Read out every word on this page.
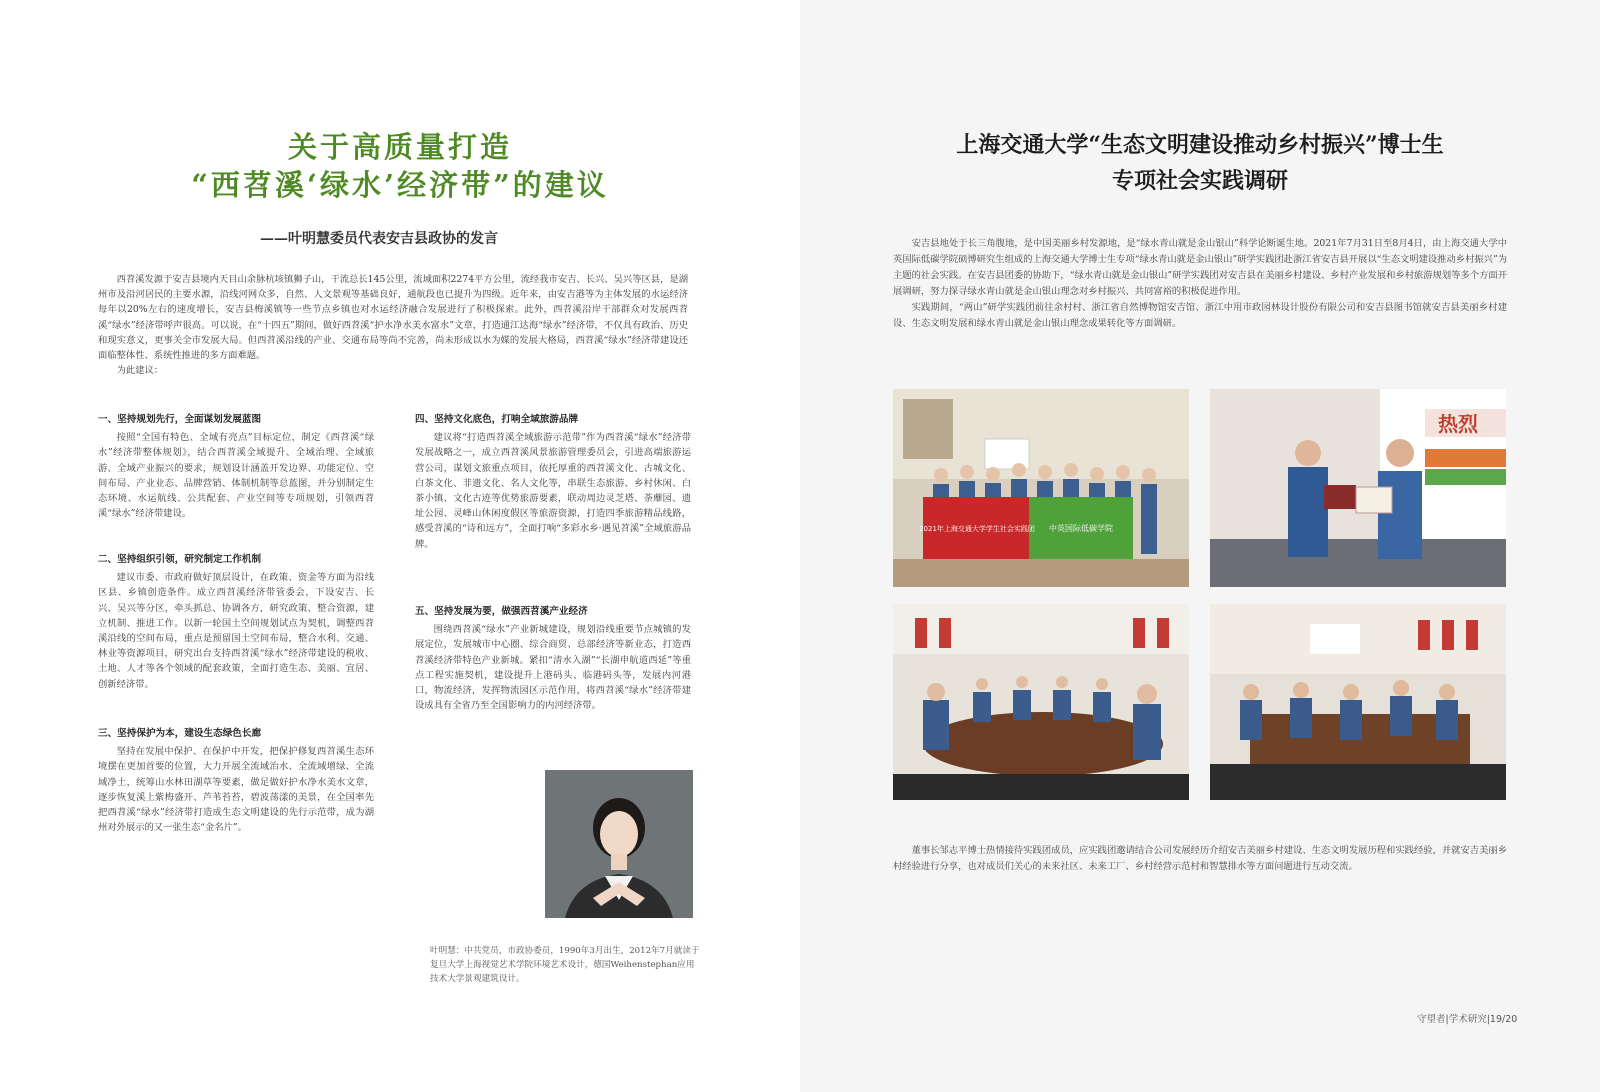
关于高质量打造
“西苕溪‘绿水’经济带”的建议
——叶明慧委员代表安吉县政协的发言

西苕溪发源于安吉县境内天目山余脉杭垓镇狮子山，干流总长145公里，流域面积2274平方公里，流经我市安吉、长兴、吴兴等区县，是湖州市及沿河居民的主要水源，沿线河网众多，自然、人文景观等基础良好，通航段也已提升为四级。近年来，由安吉港等为主体发展的水运经济每年以20%左右的速度增长，安吉县梅溪镇等一些节点乡镇也对水运经济融合发展进行了积极探索。此外，西苕溪沿岸干部群众对发展西苕溪“绿水”经济带呼声很高。可以说，在“十四五”期间，做好西苕溪“护水净水美水富水”文章，打造通江达海“绿水”经济带，不仅具有政治、历史和现实意义，更事关全市发展大局。但西苕溪沿线的产业、交通布局等尚不完善，尚未形成以水为媒的发展大格局，西苕溪“绿水”经济带建设还面临整体性、系统性推进的多方面难题。

为此建议：

一、坚持规划先行，全面谋划发展蓝图

按照“全国有特色、全域有亮点”目标定位，制定《西苕溪“绿水”经济带整体规划》，结合西苕溪全域提升、全域治理、全域旅游、全域产业振兴的要求，规划设计涵盖开发边界、功能定位、空间布局、产业业态、品牌营销、体制机制等总蓝图，并分别制定生态环境、水运航线、公共配套、产业空间等专项规划，引领西苕溪“绿水”经济带建设。

二、坚持组织引领，研究制定工作机制

建议市委、市政府做好顶层设计，在政策、资金等方面为沿线区县、乡镇创造条件。成立西苕溪经济带管委会，下设安吉、长兴、吴兴等分区，牵头抓总、协调各方，研究政策、整合资源，建立机制、推进工作。以新一轮国土空间规划试点为契机，调整西苕溪沿线的空间布局，重点是预留国土空间布局，整合水利、交通、林业等资源项目，研究出台支持西苕溪“绿水”经济带建设的税收、土地、人才等各个领域的配套政策，全面打造生态、美丽、宜居、创新经济带。

三、坚持保护为本，建设生态绿色长廊

坚持在发展中保护、在保护中开发，把保护修复西苕溪生态环境摆在更加首要的位置，大力开展全流域治水、全流域增绿、全流域净土，统筹山水林田湖草等要素，做足做好护水净水美水文章，逐步恢复溪上紫梅盛开、芦苇苔苔，碧波荡漾的美景，在全国率先把西苕溪“绿水”经济带打造成生态文明建设的先行示范带，成为湖州对外展示的又一张生态“金名片”。

四、坚持文化底色，打响全域旅游品牌

建议将“打造西苕溪全域旅游示范带”作为西苕溪“绿水”经济带发展战略之一，成立西苕溪风景旅游管理委员会，引进高端旅游运营公司，谋划文旅重点项目，依托厚重的西苕溪文化、古城文化、白茶文化、非遗文化、名人文化等，串联生态旅游、乡村休闲、白茶小镇、文化古迹等优势旅游要素，联动周边灵芝塔、荼蘼园、遗址公园、灵峰山休闲度假区等旅游资源，打造四季旅游精品线路，感受苕溪的“诗和远方”，全面打响“多彩水乡·遇见苕溪”全域旅游品牌。

五、坚持发展为要，做强西苕溪产业经济

围绕西苕溪“绿水”产业新城建设，规划沿线重要节点城镇的发展定位，发展城市中心圈、综合商贸、总部经济等新业态，打造西苕溪经济带特色产业新城。紧扣“清水入湖”“长湖申航道西延”等重点工程实施契机，建设提升上港码头、临港码头等，发展内河港口，物流经济，发挥物流园区示范作用，将西苕溪“绿水”经济带建设成具有全省乃至全国影响力的内河经济带。

叶明慧：中共党员，市政协委员，1990年3月出生，2012年7月就读于复旦大学上海视觉艺术学院环境艺术设计，德国Weihenstephan应用技术大学景观建筑设计。
上海交通大学“生态文明建设推动乡村振兴”博士生
专项社会实践调研

安吉县地处于长三角腹地，是中国美丽乡村发源地，是“绿水青山就是金山银山”科学论断诞生地。2021年7月31日至8月4日，由上海交通大学中英国际低碳学院硕博研究生组成的上海交通大学博士生专项“绿水青山就是金山银山”研学实践团赴浙江省安吉县开展以“生态文明建设推动乡村振兴”为主题的社会实践。在安吉县团委的协助下，“绿水青山就是金山银山”研学实践团对安吉县在美丽乡村建设、乡村产业发展和乡村旅游规划等多个方面开展调研，努力探寻绿水青山就是金山银山理念对乡村振兴、共同富裕的积极促进作用。

实践期间，“两山”研学实践团前往余村村、浙江省自然博物馆安吉馆、浙江中用市政园林设计股份有限公司和安吉县图书馆就安吉县美丽乡村建设、生态文明发展和绿水青山就是金山银山理念成果转化等方面调研。

2021年上海交通大学学生社会实践团 中英国际低碳学院
热烈

董事长邹志平博士热情接待实践团成员，应实践团邀请结合公司发展经历介绍安吉美丽乡村建设、生态文明发展历程和实践经验，并就安吉美丽乡村经验进行分享，也对成员们关心的未来社区、未来工厂、乡村经营示范村和智慧排水等方面问题进行互动交流。

守望者|学术研究|19/20
